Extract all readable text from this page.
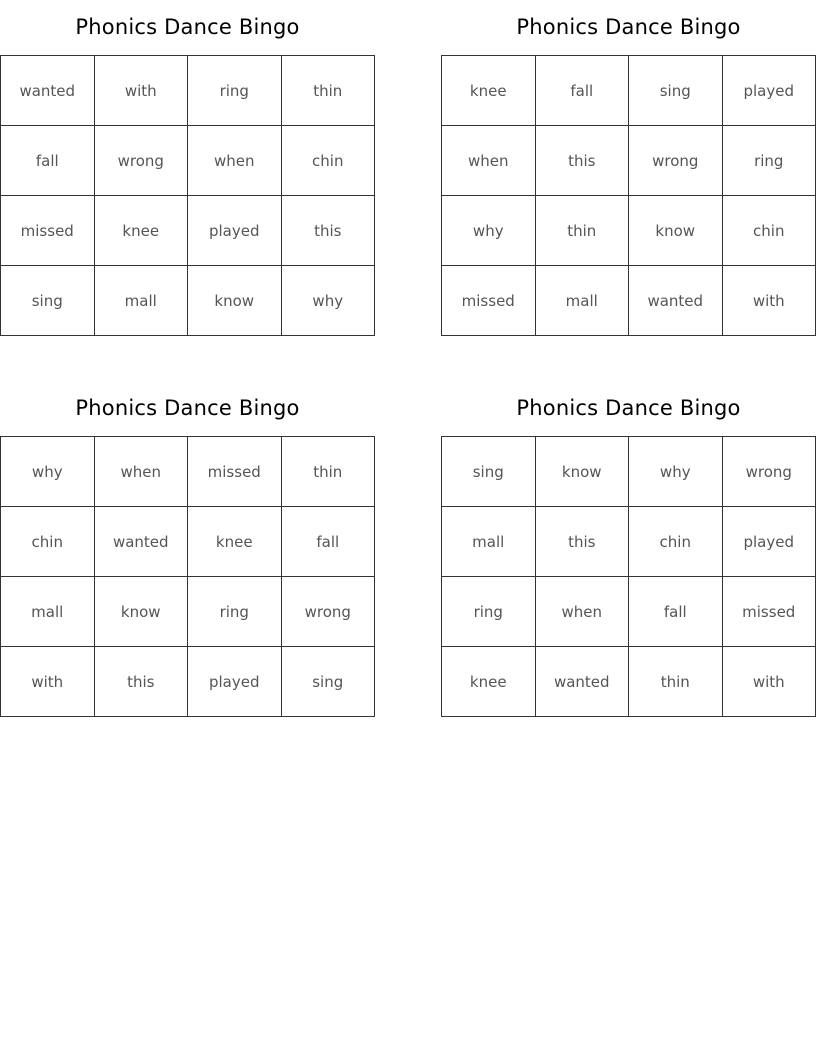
Phonics Dance Bingo
wanted	with	ring	thin
fall	wrong	when	chin
missed	knee	played	this
sing	mall	know	why
Phonics Dance Bingo
knee	fall	sing	played
when	this	wrong	ring
why	thin	know	chin
missed	mall	wanted	with
Phonics Dance Bingo
why	when	missed	thin
chin	wanted	knee	fall
mall	know	ring	wrong
with	this	played	sing
Phonics Dance Bingo
sing	know	why	wrong
mall	this	chin	played
ring	when	fall	missed
knee	wanted	thin	with
